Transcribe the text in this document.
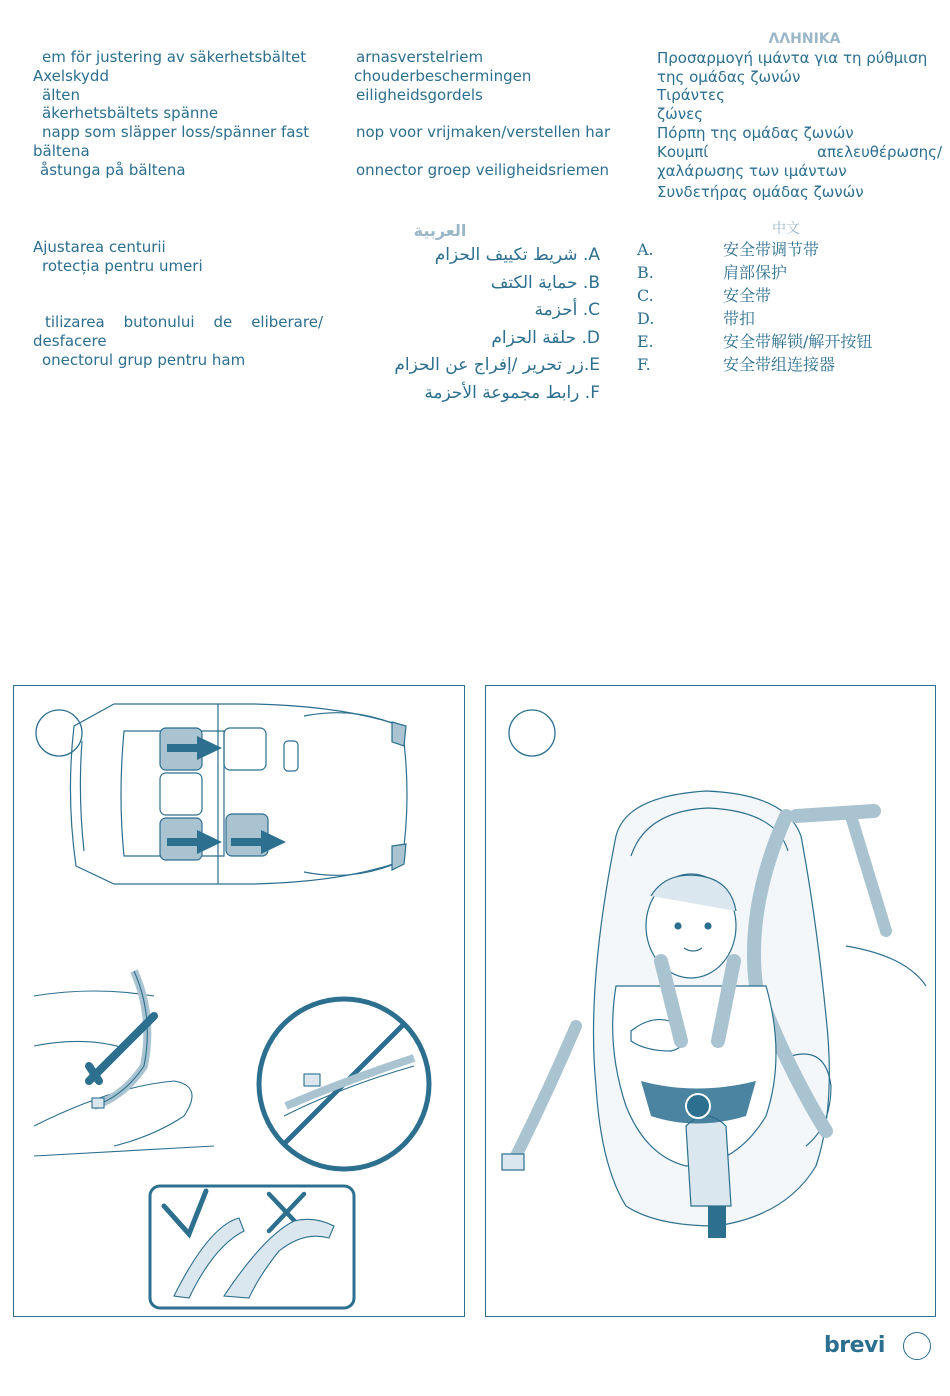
em för justering av säkerhetsbältet
Axelskydd
älten
äkerhetsbältets spänne
napp som släpper loss/spänner fast
bältena
åstunga på bältena
arnasverstelriem
chouderbeschermingen
eiligheidsgordels

nop voor vrijmaken/verstellen har

onnector groep veiligheidsriemen
ΛΛΗΝΙΚΑ
Προσαρμογή ιμάντα για τη ρύθμιση
της ομάδας ζωνών
Τιράντες
ζώνες
Πόρπη της ομάδας ζωνών
Κουμπί απελευθέρωσης/
χαλάρωσης των ιμάντων
Συνδετήρας ομάδας ζωνών
Ajustarea centurii
rotecția pentru umeri

tilizarea butonului de eliberare/
desfacere
onectorul grup pentru ham
العربية
A. شريط تكييف الحزام
B. حماية الكتف
C. أحزمة
D. حلقة الحزام
E.زر تحرير /إفراج عن الحزام
F. رابط مجموعة الأحزمة
中文
A.	安全带调节带
B.	肩部保护
C.	安全带
D.	带扣
E.	安全带解锁/解开按钮
F.	安全带组连接器
brevi
